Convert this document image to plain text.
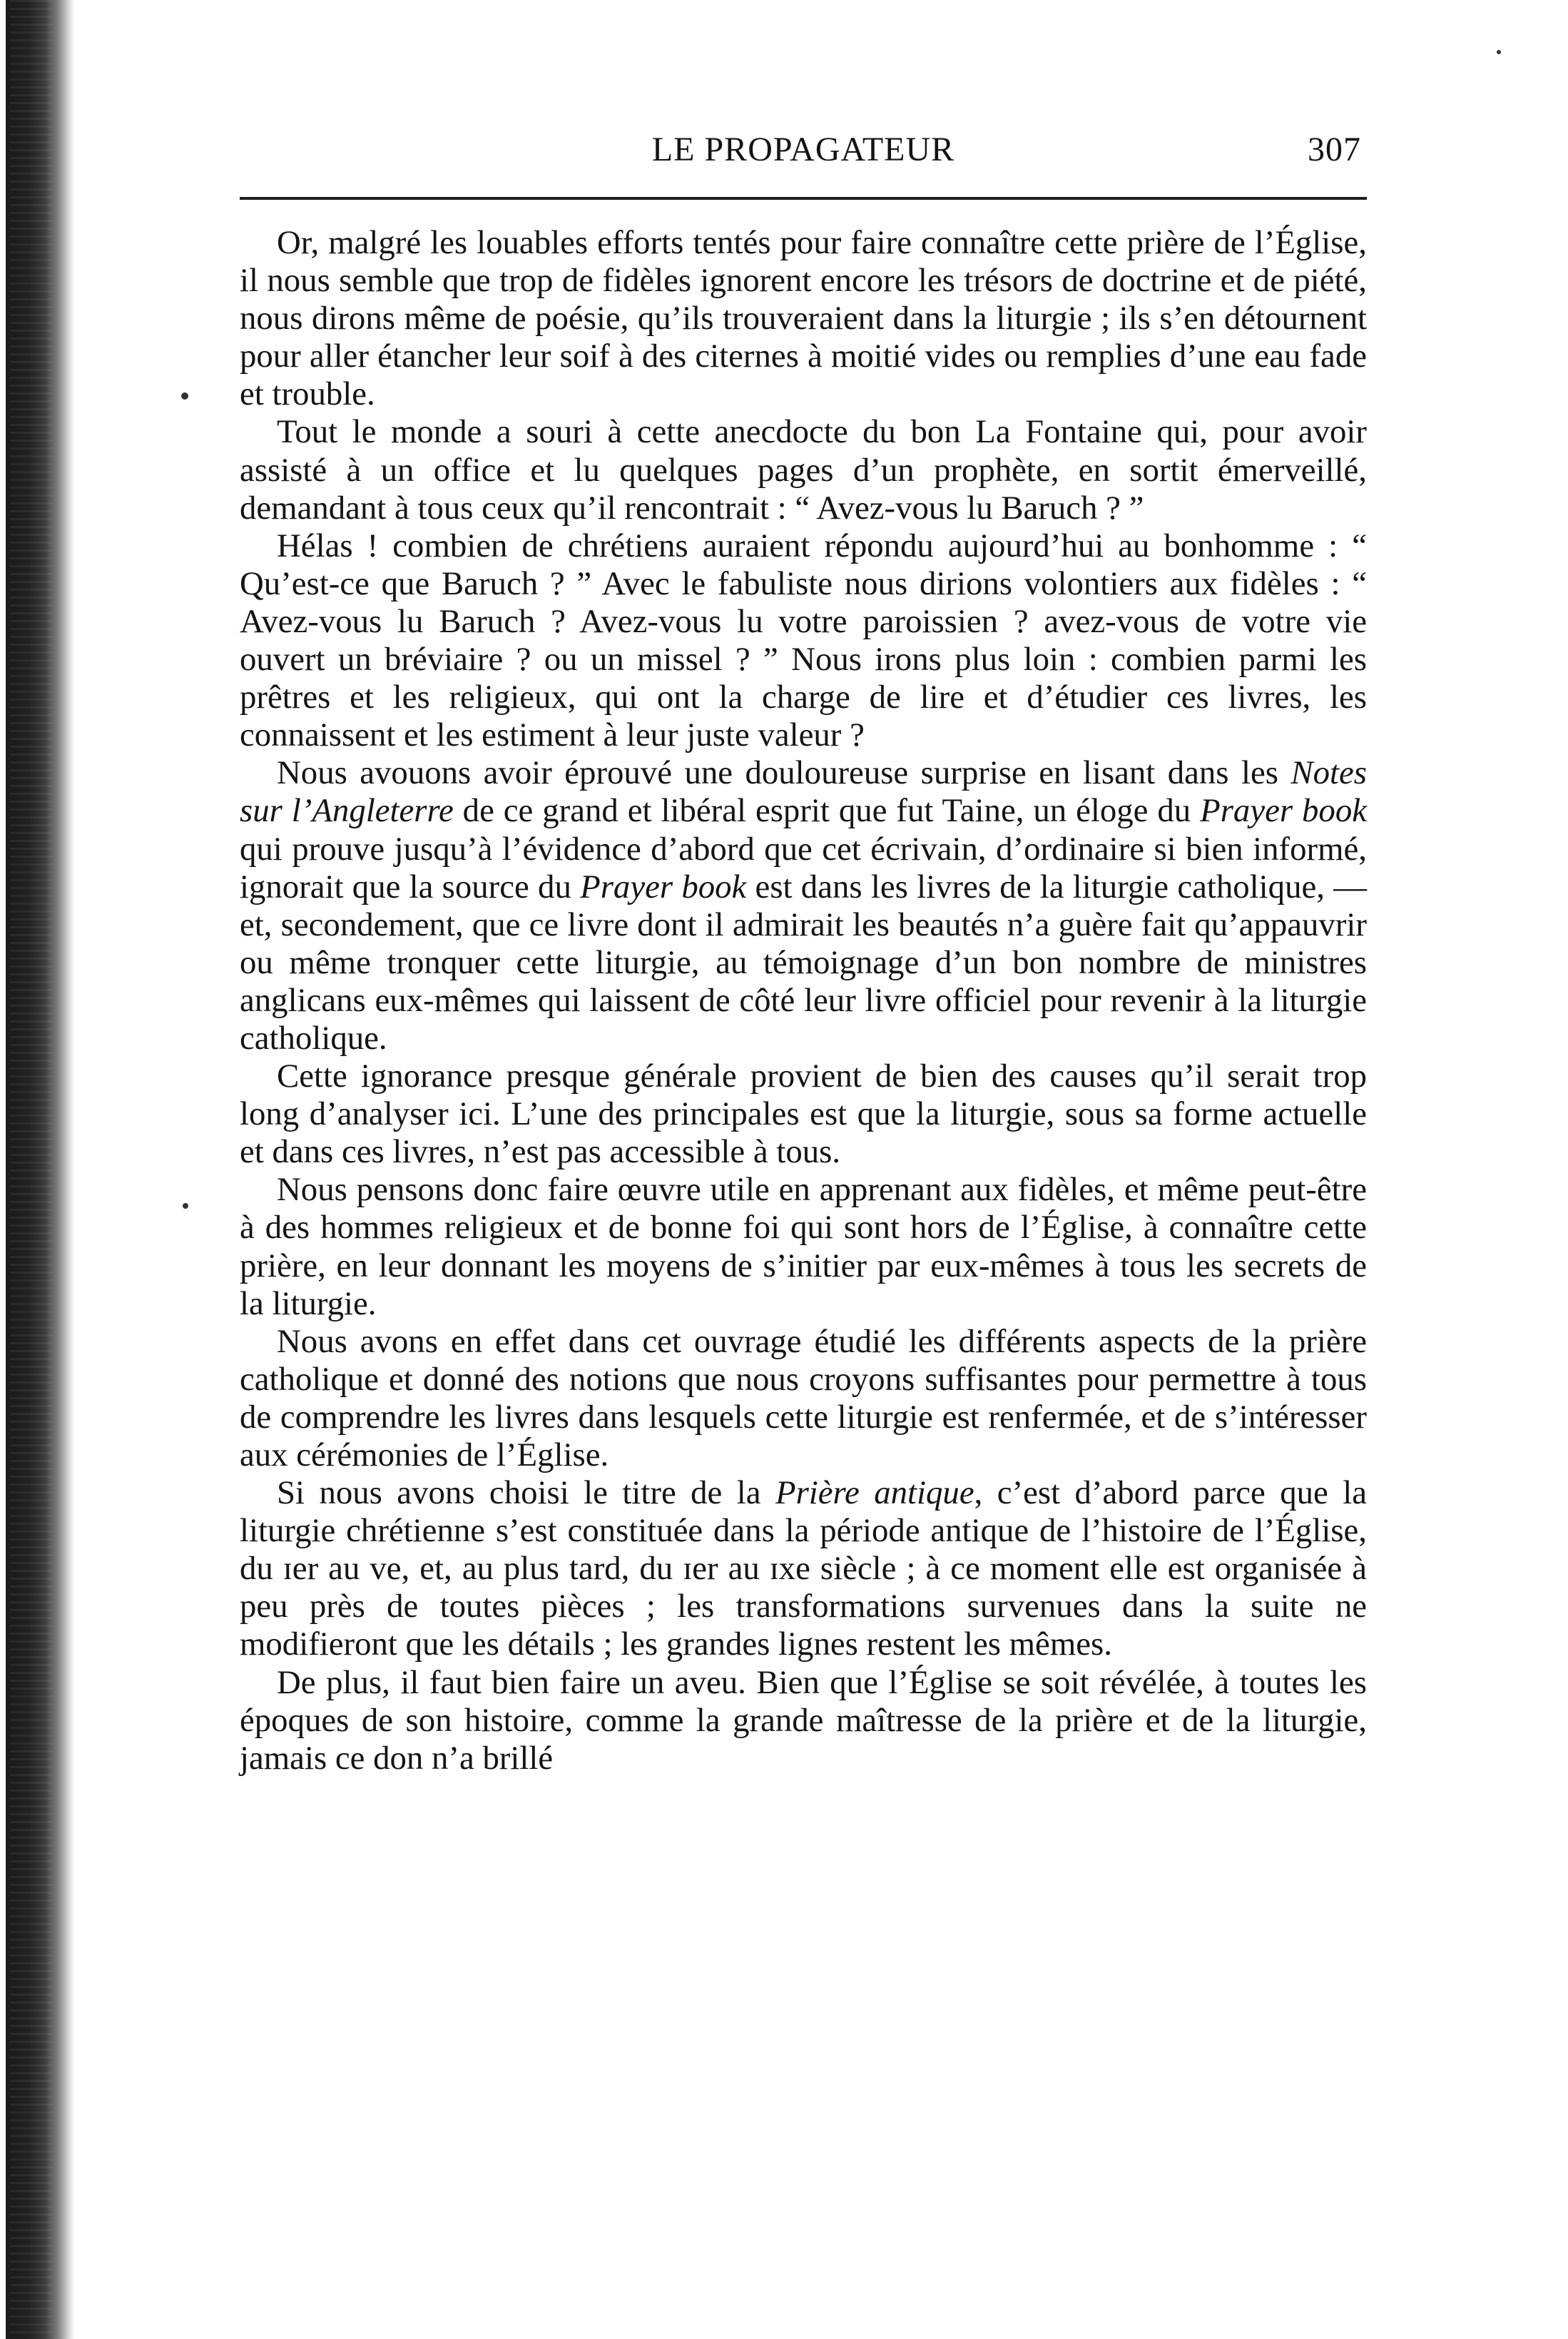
LE PROPAGATEUR	307

Or, malgré les louables efforts tentés pour faire connaître cette prière de l’Église, il nous semble que trop de fidèles ignorent encore les trésors de doctrine et de piété, nous dirons même de poésie, qu’ils trouveraient dans la liturgie ; ils s’en détournent pour aller étancher leur soif à des citernes à moitié vides ou remplies d’une eau fade et trouble.

Tout le monde a souri à cette anecdocte du bon La Fontaine qui, pour avoir assisté à un office et lu quelques pages d’un prophète, en sortit émerveillé, demandant à tous ceux qu’il rencontrait : “ Avez-vous lu Baruch ? ”

Hélas ! combien de chrétiens auraient répondu aujourd’hui au bonhomme : “ Qu’est-ce que Baruch ? ” Avec le fabuliste nous dirions volontiers aux fidèles : “ Avez-vous lu Baruch ? Avez-vous lu votre paroissien ? avez-vous de votre vie ouvert un bréviaire ? ou un missel ? ” Nous irons plus loin : combien parmi les prêtres et les religieux, qui ont la charge de lire et d’étudier ces livres, les connaissent et les estiment à leur juste valeur ?

Nous avouons avoir éprouvé une douloureuse surprise en lisant dans les Notes sur l’Angleterre de ce grand et libéral esprit que fut Taine, un éloge du Prayer book qui prouve jusqu’à l’évidence d’abord que cet écrivain, d’ordinaire si bien informé, ignorait que la source du Prayer book est dans les livres de la liturgie catholique, — et, secondement, que ce livre dont il admirait les beautés n’a guère fait qu’appauvrir ou même tronquer cette liturgie, au témoignage d’un bon nombre de ministres anglicans eux-mêmes qui laissent de côté leur livre officiel pour revenir à la liturgie catholique.

Cette ignorance presque générale provient de bien des causes qu’il serait trop long d’analyser ici. L’une des principales est que la liturgie, sous sa forme actuelle et dans ces livres, n’est pas accessible à tous.

Nous pensons donc faire œuvre utile en apprenant aux fidèles, et même peut-être à des hommes religieux et de bonne foi qui sont hors de l’Église, à connaître cette prière, en leur donnant les moyens de s’initier par eux-mêmes à tous les secrets de la liturgie.

Nous avons en effet dans cet ouvrage étudié les différents aspects de la prière catholique et donné des notions que nous croyons suffisantes pour permettre à tous de comprendre les livres dans lesquels cette liturgie est renfermée, et de s’intéresser aux cérémonies de l’Église.

Si nous avons choisi le titre de la Prière antique, c’est d’abord parce que la liturgie chrétienne s’est constituée dans la période antique de l’histoire de l’Église, du ɪer au ᴠe, et, au plus tard, du ɪer au ɪxe siècle ; à ce moment elle est organisée à peu près de toutes pièces ; les transformations survenues dans la suite ne modifieront que les détails ; les grandes lignes restent les mêmes.

De plus, il faut bien faire un aveu. Bien que l’Église se soit révélée, à toutes les époques de son histoire, comme la grande maîtresse de la prière et de la liturgie, jamais ce don n’a brillé
